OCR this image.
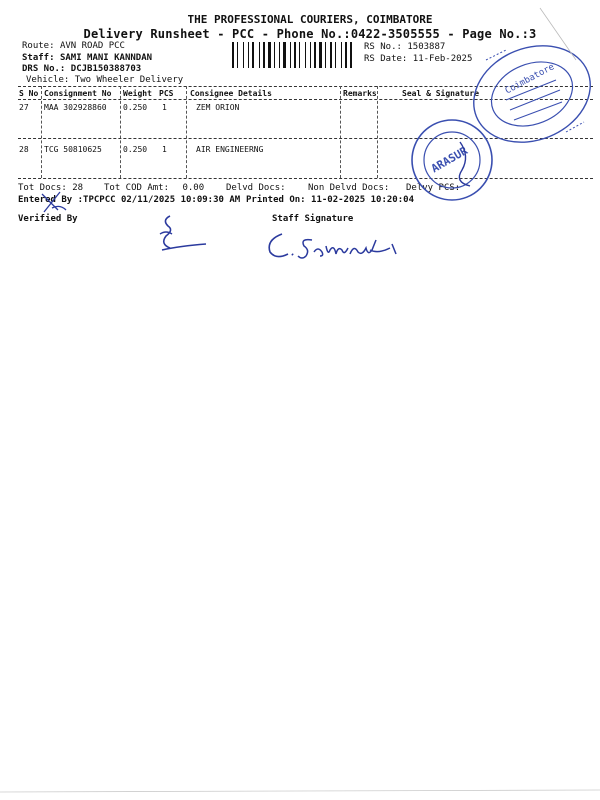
THE PROFESSIONAL COURIERS, COIMBATORE
Delivery Runsheet - PCC - Phone No.:0422-3505555 - Page No.:3
Route: AVN ROAD PCC
Staff: SAMI MANI KANNDAN
DRS No.: DCJB150388703
Vehicle: Two Wheeler Delivery
RS No.: 1503887
RS Date: 11-Feb-2025
S No Consignment No Weight PCS Consignee Details	Remarks	Seal & Signature
27 MAA 302928860 0.250 1	ZEM ORION
28 TCG 50810625	0.250 1	AIR ENGINEERNG
Tot Docs: 28 Tot COD Amt: 0.00 Delvd Docs: Non Delvd Docs: Delvy PCS:
Entered By :TPCPCC 02/11/2025 10:09:30 AM Printed On: 11-02-2025 10:20:04
Verified By	Staff Signature
Coimbatore
ARASUR
